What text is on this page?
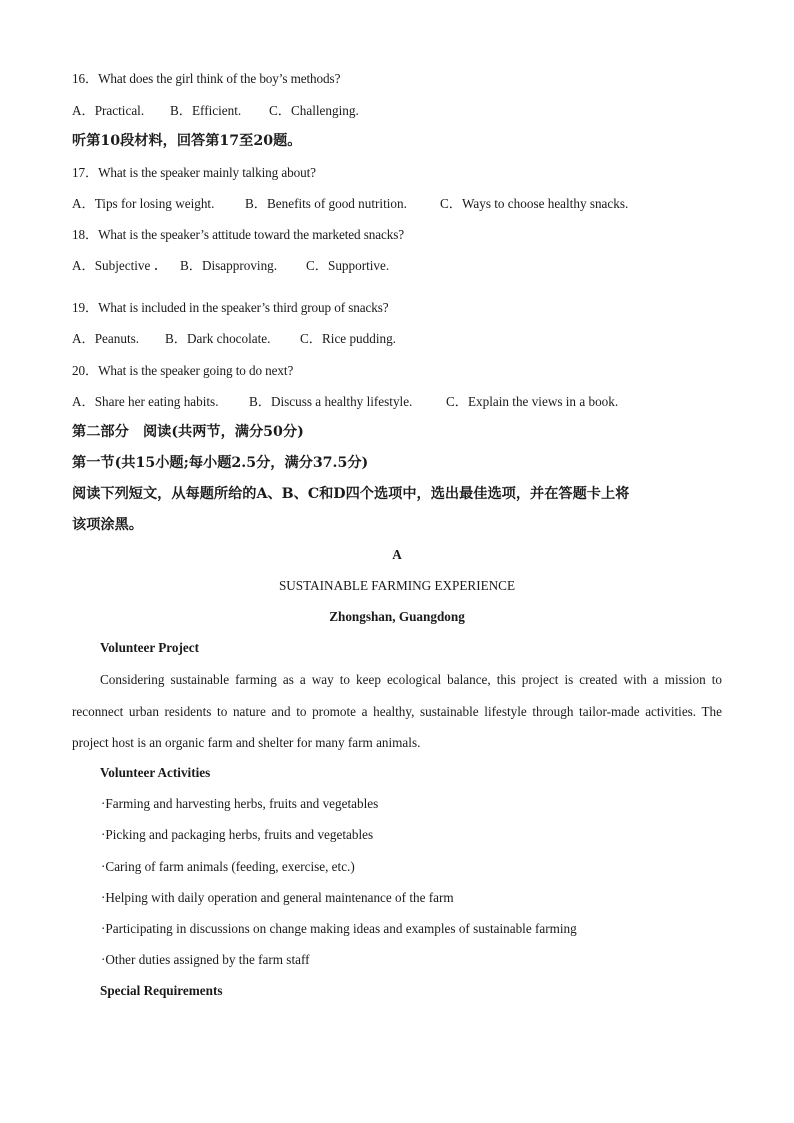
16．What does the girl think of the boy’s methods?
A．Practical. B．Efficient. C．Challenging.
听第10段材料，回答第17至20题。
17．What is the speaker mainly talking about?
A．Tips for losing weight. B．Benefits of good nutrition.	C．Ways to choose healthy snacks.
18．What is the speaker’s attitude toward the marketed snacks?
A．Subjective B．Disapproving. C．Supportive.
19．What is included in the speaker’s third group of snacks?
A．Peanuts. B．Dark chocolate. C．Rice pudding.
20．What is the speaker going to do next?
A．Share her eating habits. B．Discuss a healthy lifestyle.	C．Explain the views in a book.
第二部分　阅读(共两节，满分50分)
第一节(共15小题;每小题2.5分，满分37.5分)
阅读下列短文，从每题所给的A、B、C和D四个选项中，选出最佳选项，并在答题卡上将
该项涂黑。
A
SUSTAINABLE FARMING EXPERIENCE
Zhongshan, Guangdong
Volunteer Project
Considering sustainable farming as a way to keep ecological balance, this project is created with a mission to reconnect urban residents to nature and to promote a healthy, sustainable lifestyle through tailor-made activities. The project host is an organic farm and shelter for many farm animals.
Volunteer Activities
·Farming and harvesting herbs, fruits and vegetables
·Picking and packaging herbs, fruits and vegetables
·Caring of farm animals (feeding, exercise, etc.)
·Helping with daily operation and general maintenance of the farm
·Participating in discussions on change making ideas and examples of sustainable farming
·Other duties assigned by the farm staff
Special Requirements
